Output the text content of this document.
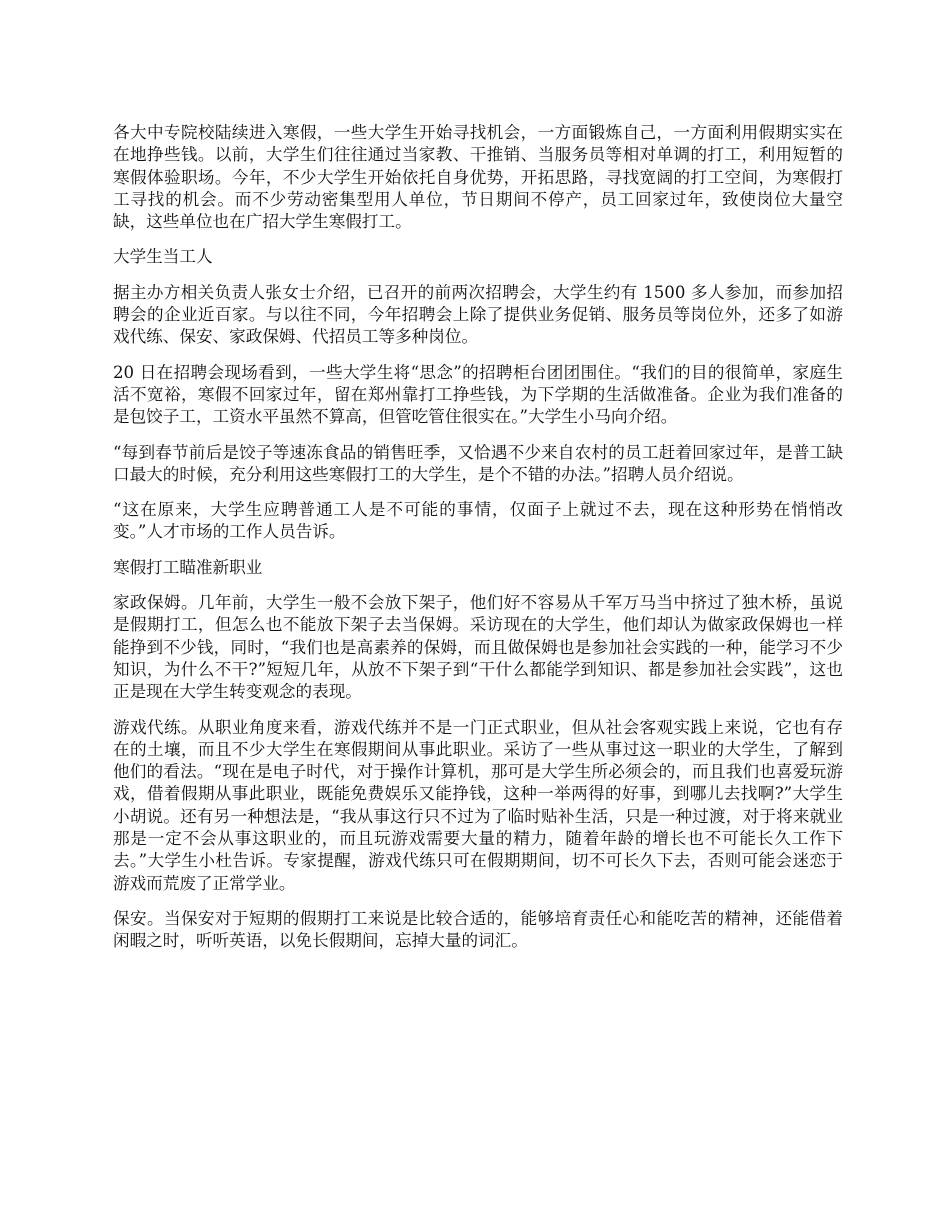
各大中专院校陆续进入寒假，一些大学生开始寻找机会，一方面锻炼自己，一方面利用假期实实在在地挣些钱。以前，大学生们往往通过当家教、干推销、当服务员等相对单调的打工，利用短暂的寒假体验职场。今年，不少大学生开始依托自身优势，开拓思路，寻找宽阔的打工空间，为寒假打工寻找的机会。而不少劳动密集型用人单位，节日期间不停产，员工回家过年，致使岗位大量空缺，这些单位也在广招大学生寒假打工。

大学生当工人

据主办方相关负责人张女士介绍，已召开的前两次招聘会，大学生约有 1500 多人参加，而参加招聘会的企业近百家。与以往不同，今年招聘会上除了提供业务促销、服务员等岗位外，还多了如游戏代练、保安、家政保姆、代招员工等多种岗位。

20 日在招聘会现场看到，一些大学生将“思念”的招聘柜台团团围住。“我们的目的很简单，家庭生活不宽裕，寒假不回家过年，留在郑州靠打工挣些钱，为下学期的生活做准备。企业为我们准备的是包饺子工，工资水平虽然不算高，但管吃管住很实在。”大学生小马向介绍。

“每到春节前后是饺子等速冻食品的销售旺季，又恰遇不少来自农村的员工赶着回家过年，是普工缺口最大的时候，充分利用这些寒假打工的大学生，是个不错的办法。”招聘人员介绍说。

“这在原来，大学生应聘普通工人是不可能的事情，仅面子上就过不去，现在这种形势在悄悄改变。”人才市场的工作人员告诉。

寒假打工瞄准新职业

家政保姆。几年前，大学生一般不会放下架子，他们好不容易从千军万马当中挤过了独木桥，虽说是假期打工，但怎么也不能放下架子去当保姆。采访现在的大学生，他们却认为做家政保姆也一样能挣到不少钱，同时，“我们也是高素养的保姆，而且做保姆也是参加社会实践的一种，能学习不少知识，为什么不干?”短短几年，从放不下架子到“干什么都能学到知识、都是参加社会实践”，这也正是现在大学生转变观念的表现。

游戏代练。从职业角度来看，游戏代练并不是一门正式职业，但从社会客观实践上来说，它也有存在的土壤，而且不少大学生在寒假期间从事此职业。采访了一些从事过这一职业的大学生，了解到他们的看法。“现在是电子时代，对于操作计算机，那可是大学生所必须会的，而且我们也喜爱玩游戏，借着假期从事此职业，既能免费娱乐又能挣钱，这种一举两得的好事，到哪儿去找啊?”大学生小胡说。还有另一种想法是，“我从事这行只不过为了临时贴补生活，只是一种过渡，对于将来就业那是一定不会从事这职业的，而且玩游戏需要大量的精力，随着年龄的增长也不可能长久工作下去。”大学生小杜告诉。专家提醒，游戏代练只可在假期期间，切不可长久下去，否则可能会迷恋于游戏而荒废了正常学业。

保安。当保安对于短期的假期打工来说是比较合适的，能够培育责任心和能吃苦的精神，还能借着闲暇之时，听听英语，以免长假期间，忘掉大量的词汇。
